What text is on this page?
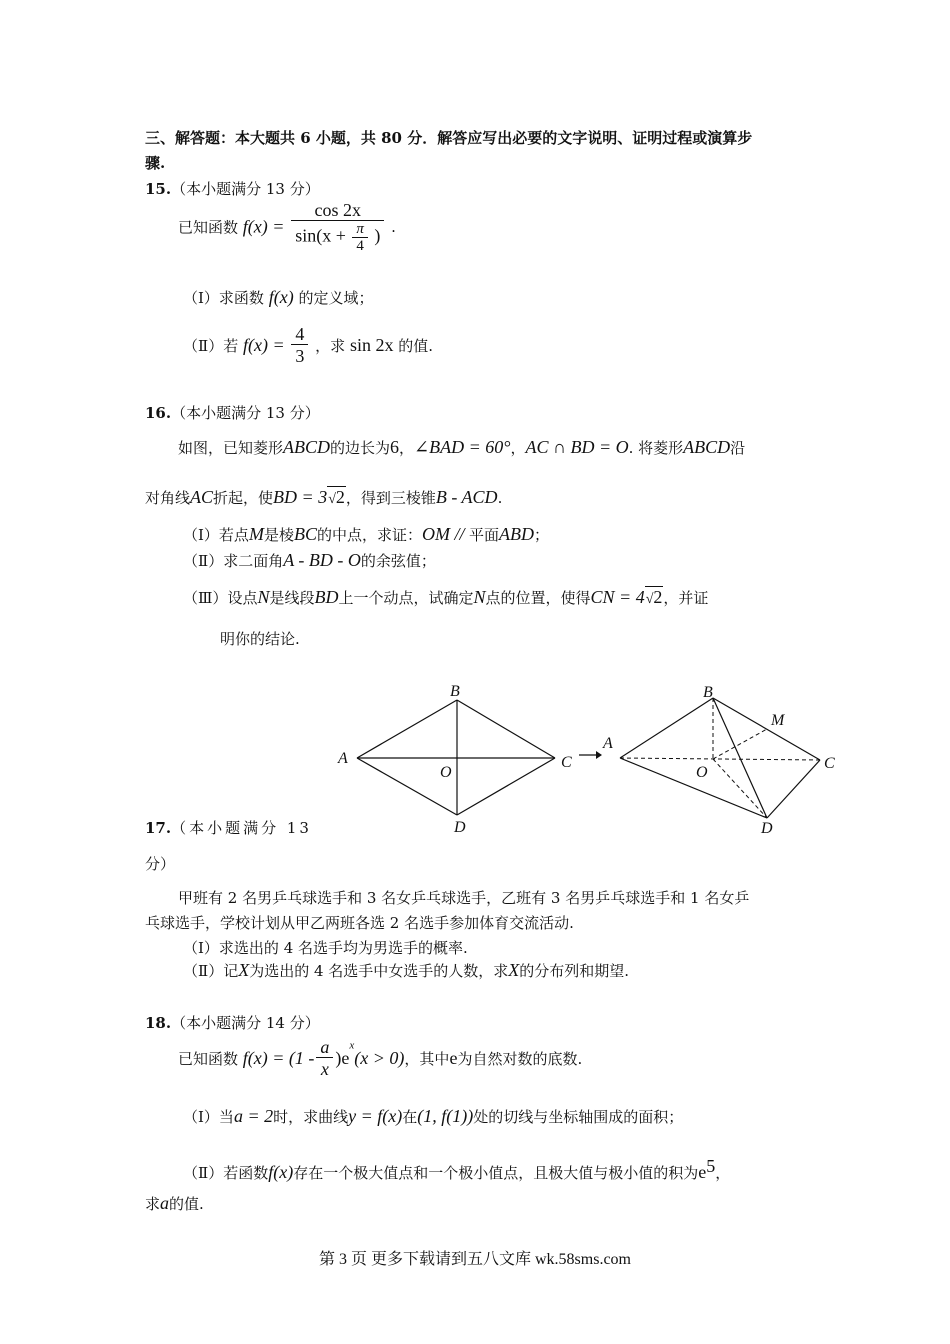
三、解答题：本大题共 6 小题，共 80 分．解答应写出必要的文字说明、证明过程或演算步
骤.
15.（本小题满分 13 分）
已知函数 $f(x) = \frac{\cos 2x}{\sin(x + \frac{\pi}{4} )}$ .
（Ⅰ）求函数 f(x) 的定义域；
（Ⅱ）若 $f(x) = \frac{4}{3}$ ，求 sin 2x 的值.
16.（本小题满分 13 分）
如图，已知菱形ABCD的边长为6，∠BAD = 60°，AC ∩ BD = O. 将菱形ABCD沿
对角线AC折起，使BD = 3√2，得到三棱锥B - ACD.
（Ⅰ）若点M是棱BC的中点，求证：OM // 平面ABD；
（Ⅱ）求二面角A - BD - O的余弦值；
（Ⅲ）设点N是线段BD上一个动点，试确定N点的位置，使得CN = 4√2，并证
明你的结论.
A
B
C
D
O
A
B
C
D
O
M
17.（本小题满分 13
分）
甲班有 2 名男乒乓球选手和 3 名女乒乓球选手，乙班有 3 名男乒乓球选手和 1 名女乒
乓球选手，学校计划从甲乙两班各选 2 名选手参加体育交流活动.
（Ⅰ）求选出的 4 名选手均为男选手的概率.
（Ⅱ）记X为选出的 4 名选手中女选手的人数，求X的分布列和期望.
18.（本小题满分 14 分）
已知函数 $f(x) = (1 - \frac{a}{x} )e^x(x > 0)$，其中e为自然对数的底数.
（Ⅰ）当a = 2时，求曲线y = f(x)在(1, f(1))处的切线与坐标轴围成的面积；
（Ⅱ）若函数f(x)存在一个极大值点和一个极小值点，且极大值与极小值的积为$e^5$，
求a的值.
第 3 页 更多下载请到五八文库 wk.58sms.com
